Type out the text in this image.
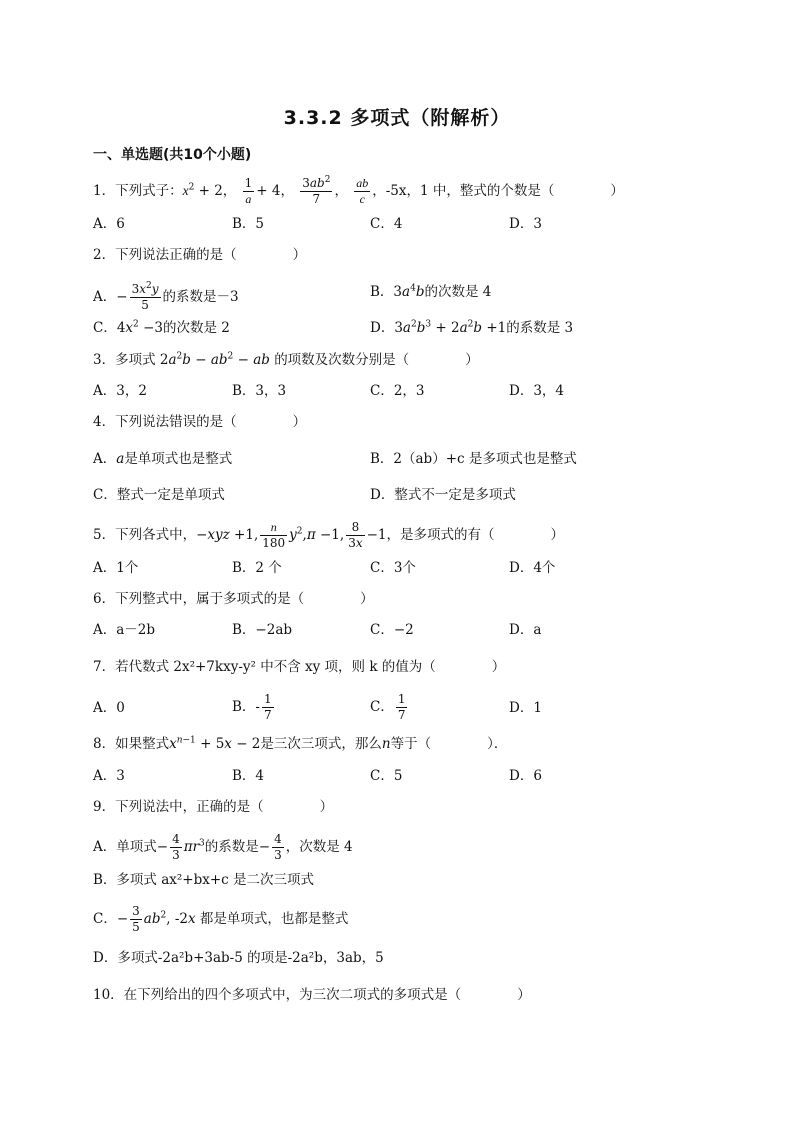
3.3.2 多项式（附解析）
一、单选题(共10个小题)
1．下列式子：$x^2 + 2$， $\frac{1}{a} + 4$， $\frac{3ab^2}{7}$ ， $\frac{ab}{c}$ ，-5x，1 中，整式的个数是（	）
A．6	B．5	C．4	D．3
2．下列说法正确的是（	）
A．− $\frac{3x^2y}{5}$ 的系数是－3	B．$3a^4b$的次数是 4
C．$4x^2 -3$的次数是 2	D．$3a^2b^3 + 2a^2b +1$的系数是 3
3．多项式 $2a^2b - ab^2$ − ab 的项数及次数分别是（	）
A．3，2	B．3，3	C．2，3	D．3，4
4．下列说法错误的是（	）
A．a是单项式也是整式	B．2（ab）+c 是多项式也是整式
C．整式一定是单项式	D．整式不一定是多项式
5．下列各式中，−xyz +1, $\frac{n}{180} y^2,\pi -1$, $\frac{8}{3x} -1$，是多项式的有（	）
A．1个	B．2 个	C．3个	D．4个
6．下列整式中，属于多项式的是（	）
A．a－2b	B．−2ab	C．−2	D．a
7．若代数式 2x²+7kxy-y² 中不含 xy 项，则 k 的值为（	）
A．0	B．- $\frac{1}{7}$	C． $\frac{1}{7}$	D．1
8．如果整式$x^{n-1} + 5x - 2$是三次三项式，那么n等于（	）．
A．3	B．4	C．5	D．6
9．下列说法中，正确的是（	）
A．单项式− $\frac{4}{3} \pi r^3$的系数是− $\frac{4}{3}$ ，次数是 4
B．多项式 ax²+bx+c 是二次三项式
C．− $\frac{3}{5} ab^2$, -2x 都是单项式，也都是整式
D．多项式-2a²b+3ab-5 的项是-2a²b，3ab，5
10．在下列给出的四个多项式中，为三次二项式的多项式是（	）
